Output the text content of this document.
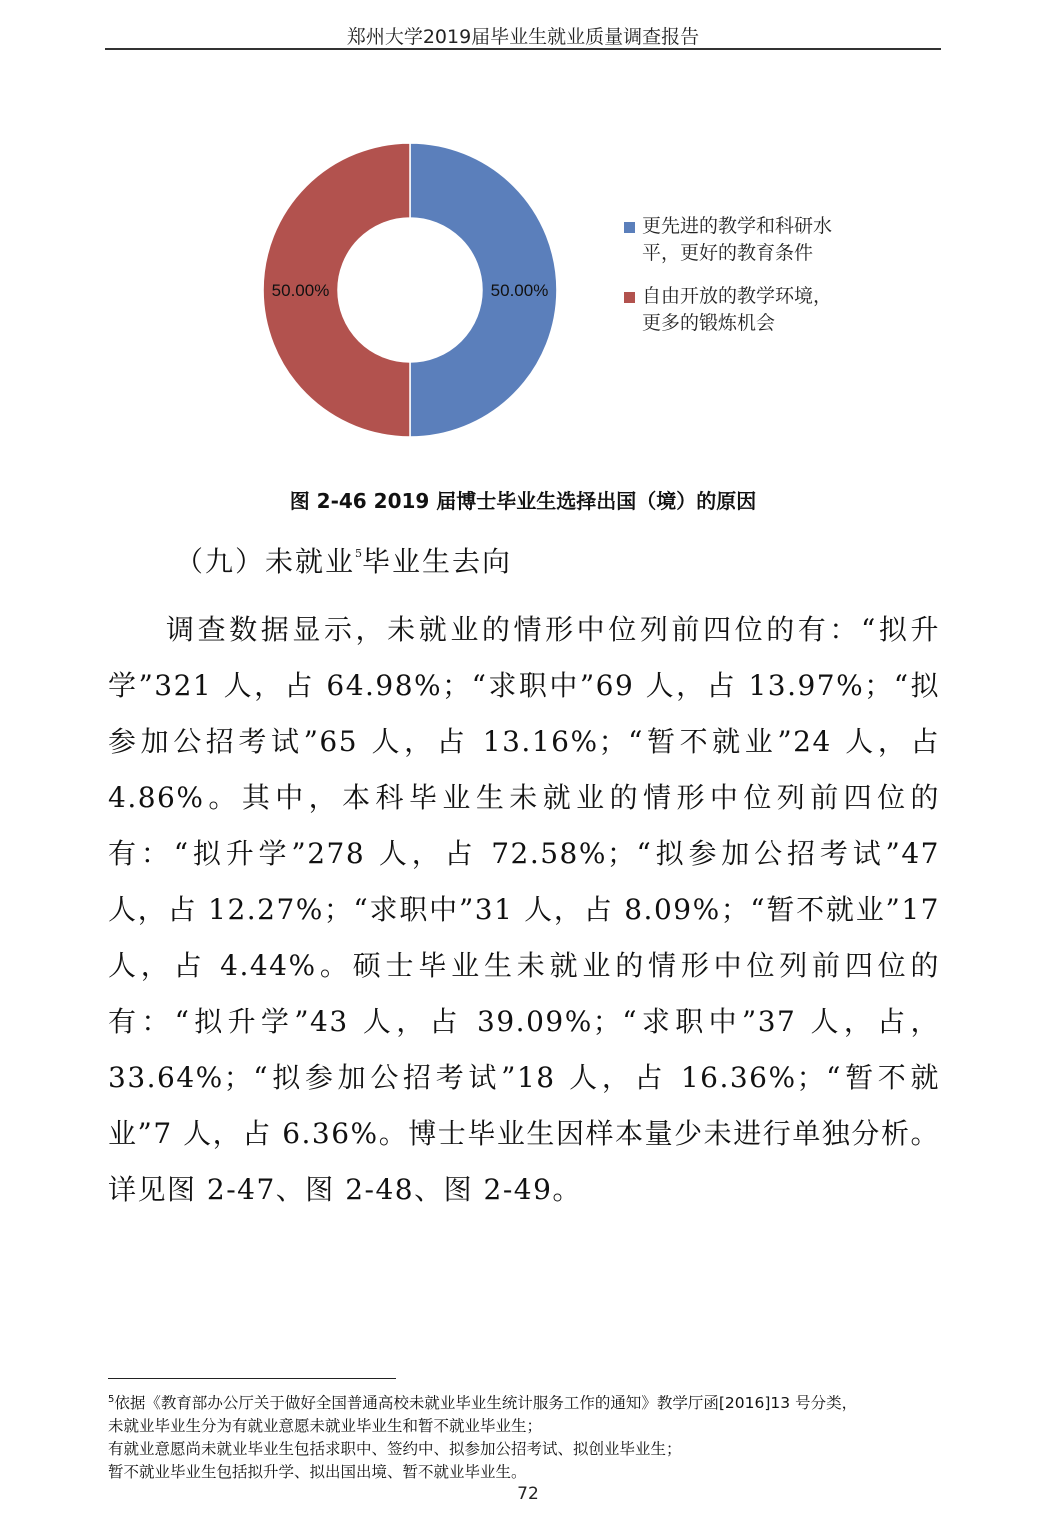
郑州大学2019届毕业生就业质量调查报告
50.00%
50.00%
更先进的教学和科研水
平，更好的教育条件
自由开放的教学环境，
更多的锻炼机会
图 2-46 2019 届博士毕业生选择出国（境）的原因
（九）未就业$^5$毕业生去向

调查数据显示，未就业的情形中位列前四位的有：“拟升学”321 人，占 64.98%；“求职中”69 人，占 13.97%；“拟参加公招考试”65 人，占 13.16%；“暂不就业”24 人，占 4.86%。其中，本科毕业生未就业的情形中位列前四位的有：“拟升学”278 人，占 72.58%；“拟参加公招考试”47 人，占 12.27%；“求职中”31 人，占 8.09%；“暂不就业”17 人，占 4.44%。硕士毕业生未就业的情形中位列前四位的有：“拟升学”43 人，占 39.09%；“求职中”37 人，占，33.64%；“拟参加公招考试”18 人，占 16.36%；“暂不就业”7 人，占 6.36%。博士毕业生因样本量少未进行单独分析。详见图 2-47、图 2-48、图 2-49。

$^5$依据《教育部办公厅关于做好全国普通高校未就业毕业生统计服务工作的通知》教学厅函[2016]13 号分类，

未就业毕业生分为有就业意愿未就业毕业生和暂不就业毕业生；

有就业意愿尚未就业毕业生包括求职中、签约中、拟参加公招考试、拟创业毕业生；

暂不就业毕业生包括拟升学、拟出国出境、暂不就业毕业生。

72
